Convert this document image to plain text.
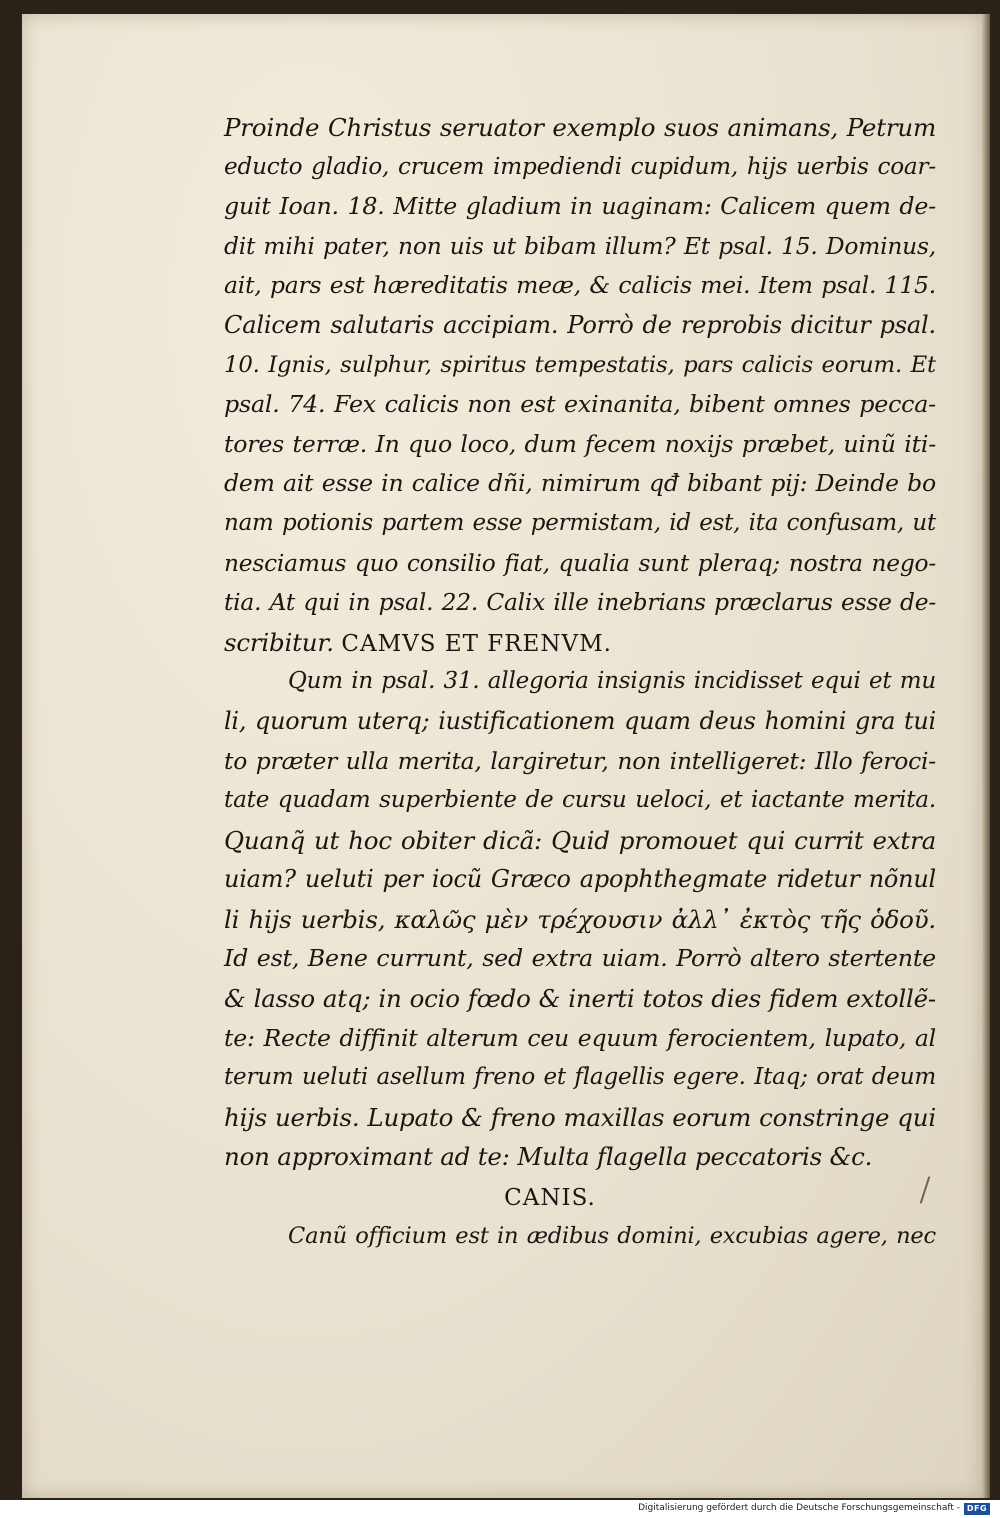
Proinde Christus seruator exemplo suos animans, Petrum
educto gladio, crucem impediendi cupidum, hijs uerbis coar-
guit Ioan. 18. Mitte gladium in uaginam: Calicem quem de-
dit mihi pater, non uis ut bibam illum? Et psal. 15. Dominus,
ait, pars est hæreditatis meæ, & calicis mei. Item psal. 115.
Calicem salutaris accipiam. Porrò de reprobis dicitur psal.
10. Ignis, sulphur, spiritus tempestatis, pars calicis eorum. Et
psal. 74. Fex calicis non est exinanita, bibent omnes pecca-
tores terræ. In quo loco, dum fecem noxijs præbet, uinũ iti-
dem ait esse in calice dñi, nimirum qđ bibant pij: Deinde bo
nam potionis partem esse permistam, id est, ita confusam, ut
nesciamus quo consilio fiat, qualia sunt pleraq; nostra nego-
tia. At qui in psal. 22. Calix ille inebrians præclarus esse de-
scribitur. CAMVS ET FRENVM.
Qum in psal. 31. allegoria insignis incidisset equi et mu
li, quorum uterq; iustificationem quam deus homini gra tui
to præter ulla merita, largiretur, non intelligeret: Illo feroci-
tate quadam superbiente de cursu ueloci, et iactante merita.
Quanq̃ ut hoc obiter dicã: Quid promouet qui currit extra
uiam? ueluti per iocũ Græco apophthegmate ridetur nõnul
li hijs uerbis, καλῶς μὲν τρέχουσιν ἀλλ᾽ ἐκτὸς τῆς ὁδοῦ.
Id est, Bene currunt, sed extra uiam. Porrò altero stertente
& lasso atq; in ocio fœdo & inerti totos dies fidem extollẽ-
te: Recte diffinit alterum ceu equum ferocientem, lupato, al
terum ueluti asellum freno et flagellis egere. Itaq; orat deum
hijs uerbis. Lupato & freno maxillas eorum constringe qui
non approximant ad te: Multa flagella peccatoris &c.
CANIS.
Canũ officium est in ædibus domini, excubias agere, nec
Digitalisierung gefördert durch die Deutsche Forschungsgemeinschaft - DFG
